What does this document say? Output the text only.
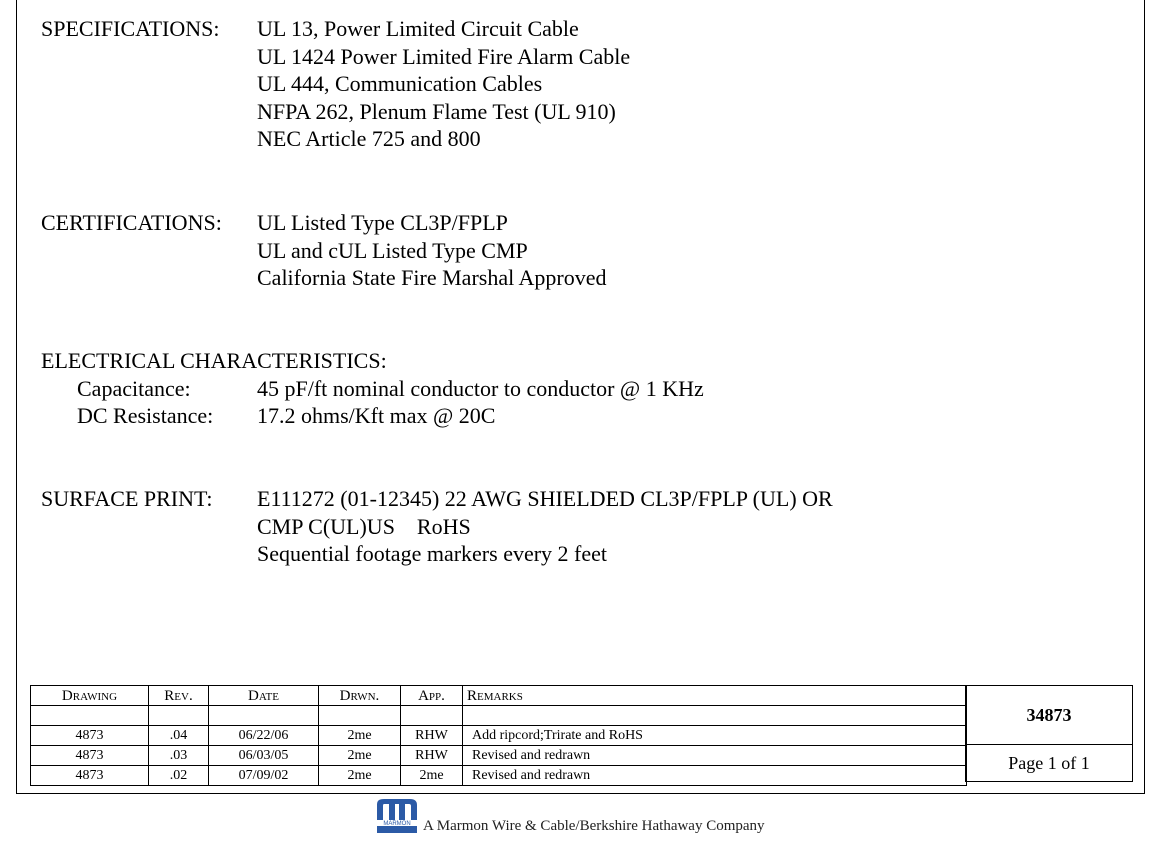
SPECIFICATIONS: UL 13, Power Limited Circuit Cable
UL 1424 Power Limited Fire Alarm Cable
UL 444, Communication Cables
NFPA 262, Plenum Flame Test (UL 910)
NEC Article 725 and 800
CERTIFICATIONS: UL Listed Type CL3P/FPLP
UL and cUL Listed Type CMP
California State Fire Marshal Approved
ELECTRICAL CHARACTERISTICS:
Capacitance:	45 pF/ft nominal conductor to conductor @ 1 KHz
DC Resistance: 17.2 ohms/Kft max @ 20C
SURFACE PRINT: E111272 (01-12345) 22 AWG SHIELDED CL3P/FPLP (UL) OR
CMP C(UL)US    RoHS
Sequential footage markers every 2 feet
Drawing	Rev.	Date	Drwn.	App.	Remarks

4873	.04	06/22/06	2me	RHW	Add ripcord;Trirate and RoHS
4873	.03	06/03/05	2me	RHW	Revised and redrawn
4873	.02	07/09/02	2me	2me	Revised and redrawn
34873
Page 1 of 1
MARMON A Marmon Wire & Cable/Berkshire Hathaway Company
